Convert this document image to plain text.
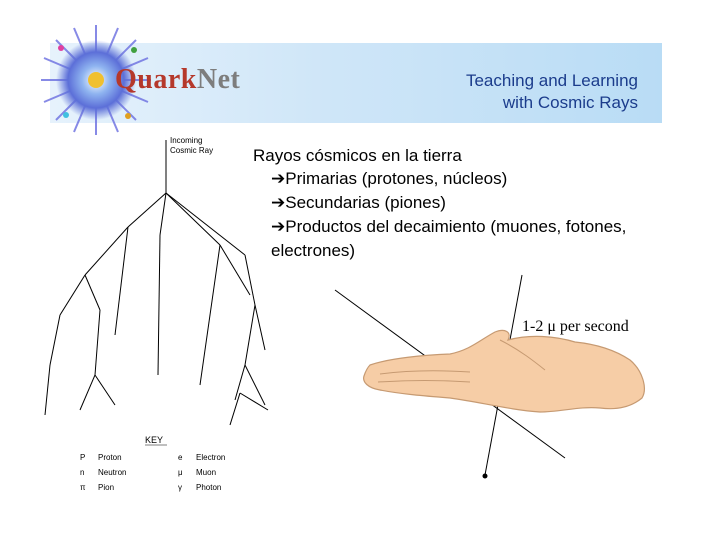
QuarkNet	Teaching and Learning
with Cosmic Rays
Rayos cósmicos en la tierra
➔Primarias (protones, núcleos)
➔Secundarias (piones)
➔Productos del decaimiento (muones, fotones, electrones)
Incoming
Cosmic Ray
KEY
P Proton
n Neutron
π Pion
e Electron
μ Muon
γ Photon
1-2 μ per second
